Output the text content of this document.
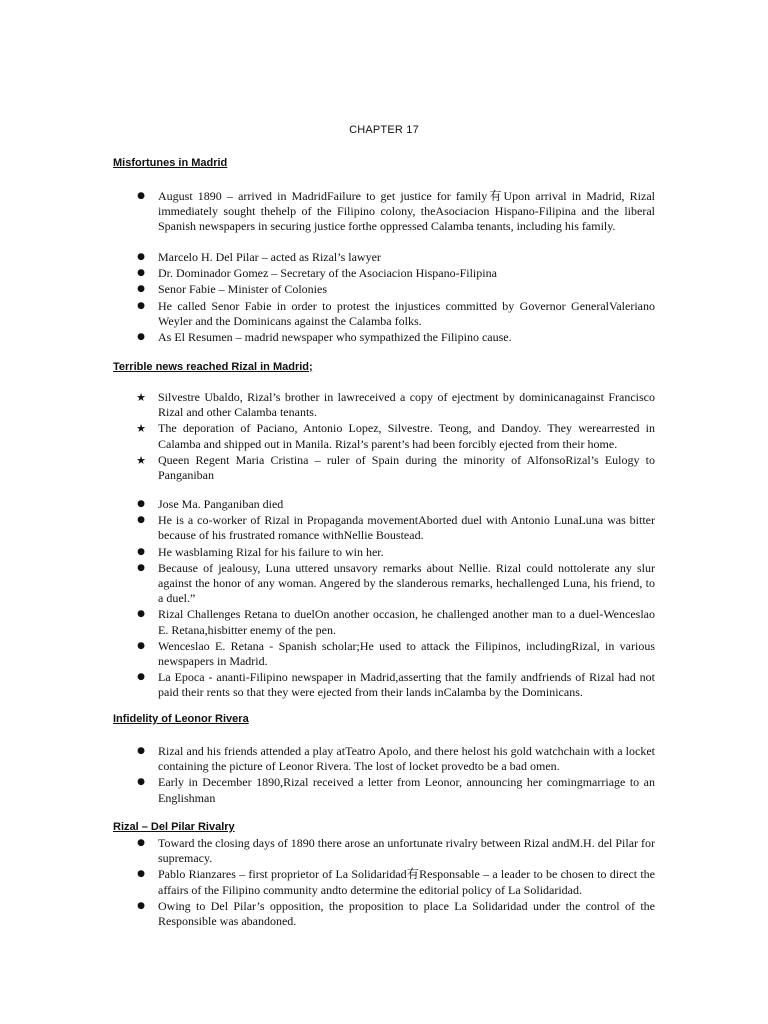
CHAPTER 17
Misfortunes in Madrid
● August 1890 – arrived in MadridFailure to get justice for family有Upon arrival in Madrid, Rizal immediately sought thehelp of the Filipino colony, theAsociacion Hispano-Filipina and the liberal Spanish newspapers in securing justice forthe oppressed Calamba tenants, including his family.
● Marcelo H. Del Pilar – acted as Rizal’s lawyer
● Dr. Dominador Gomez – Secretary of the Asociacion Hispano-Filipina
● Senor Fabie – Minister of Colonies
● He called Senor Fabie in order to protest the injustices committed by Governor GeneralValeriano Weyler and the Dominicans against the Calamba folks.
● As El Resumen – madrid newspaper who sympathized the Filipino cause.
Terrible news reached Rizal in Madrid;
★ Silvestre Ubaldo, Rizal’s brother in lawreceived a copy of ejectment by dominicanagainst Francisco Rizal and other Calamba tenants.
★ The deporation of Paciano, Antonio Lopez, Silvestre. Teong, and Dandoy. They werearrested in Calamba and shipped out in Manila. Rizal’s parent’s had been forcibly ejected from their home.
★ Queen Regent Maria Cristina – ruler of Spain during the minority of AlfonsoRizal’s Eulogy to Panganiban
● Jose Ma. Panganiban died
● He is a co-worker of Rizal in Propaganda movementAborted duel with Antonio LunaLuna was bitter because of his frustrated romance withNellie Boustead.
● He wasblaming Rizal for his failure to win her.
● Because of jealousy, Luna uttered unsavory remarks about Nellie. Rizal could nottolerate any slur against the honor of any woman. Angered by the slanderous remarks, hechallenged Luna, his friend, to a duel.”
● Rizal Challenges Retana to duelOn another occasion, he challenged another man to a duel-Wenceslao E. Retana,hisbitter enemy of the pen.
● Wenceslao E. Retana - Spanish scholar;He used to attack the Filipinos, includingRizal, in various newspapers in Madrid.
● La Epoca - ananti-Filipino newspaper in Madrid,asserting that the family andfriends of Rizal had not paid their rents so that they were ejected from their lands inCalamba by the Dominicans.
Infidelity of Leonor Rivera
● Rizal and his friends attended a play atTeatro Apolo, and there helost his gold watchchain with a locket containing the picture of Leonor Rivera. The lost of locket provedto be a bad omen.
● Early in December 1890,Rizal received a letter from Leonor, announcing her comingmarriage to an Englishman
Rizal – Del Pilar Rivalry
● Toward the closing days of 1890 there arose an unfortunate rivalry between Rizal andM.H. del Pilar for supremacy.
● Pablo Rianzares – first proprietor of La Solidaridad有Responsable – a leader to be chosen to direct the affairs of the Filipino community andto determine the editorial policy of La Solidaridad.
● Owing to Del Pilar’s opposition, the proposition to place La Solidaridad under the control of the Responsible was abandoned.
